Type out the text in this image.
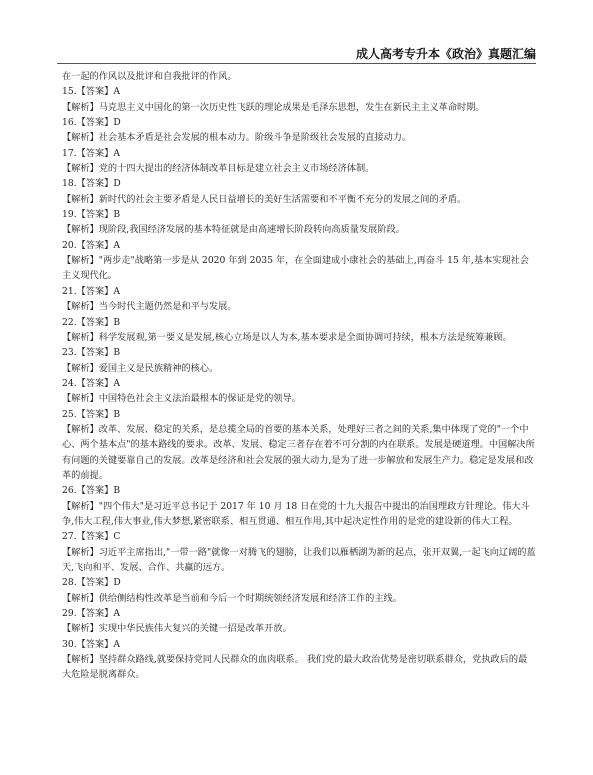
成人高考专升本《政治》真题汇编
在一起的作风以及批评和自我批评的作风。
15.【答案】A
【解析】马克思主义中国化的第一次历史性飞跃的理论成果是毛泽东思想，发生在新民主主义革命时期。
16.【答案】D
【解析】社会基本矛盾是社会发展的根本动力。阶级斗争是阶级社会发展的直接动力。
17.【答案】A
【解析】党的十四大提出的经济体制改革目标是建立社会主义市场经济体制。
18.【答案】D
【解析】新时代的社会主要矛盾是人民日益增长的美好生活需要和不平衡不充分的发展之间的矛盾。
19.【答案】B
【解析】现阶段,我国经济发展的基本特征就是由高速增长阶段转向高质量发展阶段。
20.【答案】A
【解析】"两步走"战略第一步是从 2020 年到 2035 年，在全面建成小康社会的基础上,再奋斗 15 年,基本实现社会主义现代化。
21.【答案】A
【解析】当今时代主题仍然是和平与发展。
22.【答案】B
【解析】科学发展观,第一要义是发展,核心立场是以人为本,基本要求是全面协调可持续，根本方法是统筹兼顾。
23.【答案】B
【解析】爱国主义是民族精神的核心。
24.【答案】A
【解析】中国特色社会主义法治最根本的保证是党的领导。
25.【答案】B
【解析】改革、发展、稳定的关系，是总揽全局的首要的基本关系，处理好三者之间的关系,集中体现了党的"一个中心、两个基本点"的基本路线的要求。改革、发展、稳定三者存在着不可分割的内在联系。发展是硬道理。中国解决所有问题的关键要靠自己的发展。改革是经济和社会发展的强大动力,是为了进一步解放和发展生产力。稳定是发展和改革的前提。
26.【答案】B
【解析】"四个伟大"是习近平总书记于 2017 年 10 月 18 日在党的十九大报告中提出的治国理政方针理论。伟大斗争,伟大工程,伟大事业,伟大梦想,紧密联系、相互贯通、相互作用,其中起决定性作用的是党的建设新的伟大工程。
27.【答案】C
【解析】习近平主席指出,"一带一路"就像一对腾飞的翅膀，让我们以雁栖湖为新的起点，张开双翼,一起飞向辽阔的蓝天,飞向和平、发展、合作、共赢的远方。
28.【答案】D
【解析】供给侧结构性改革是当前和今后一个时期统领经济发展和经济工作的主线。
29.【答案】A
【解析】实现中华民族伟大复兴的关键一招是改革开放。
30.【答案】A
【解析】坚持群众路线,就要保持党同人民群众的血肉联系。 我们党的最大政治优势是密切联系群众，党执政后的最大危险是脱离群众。
